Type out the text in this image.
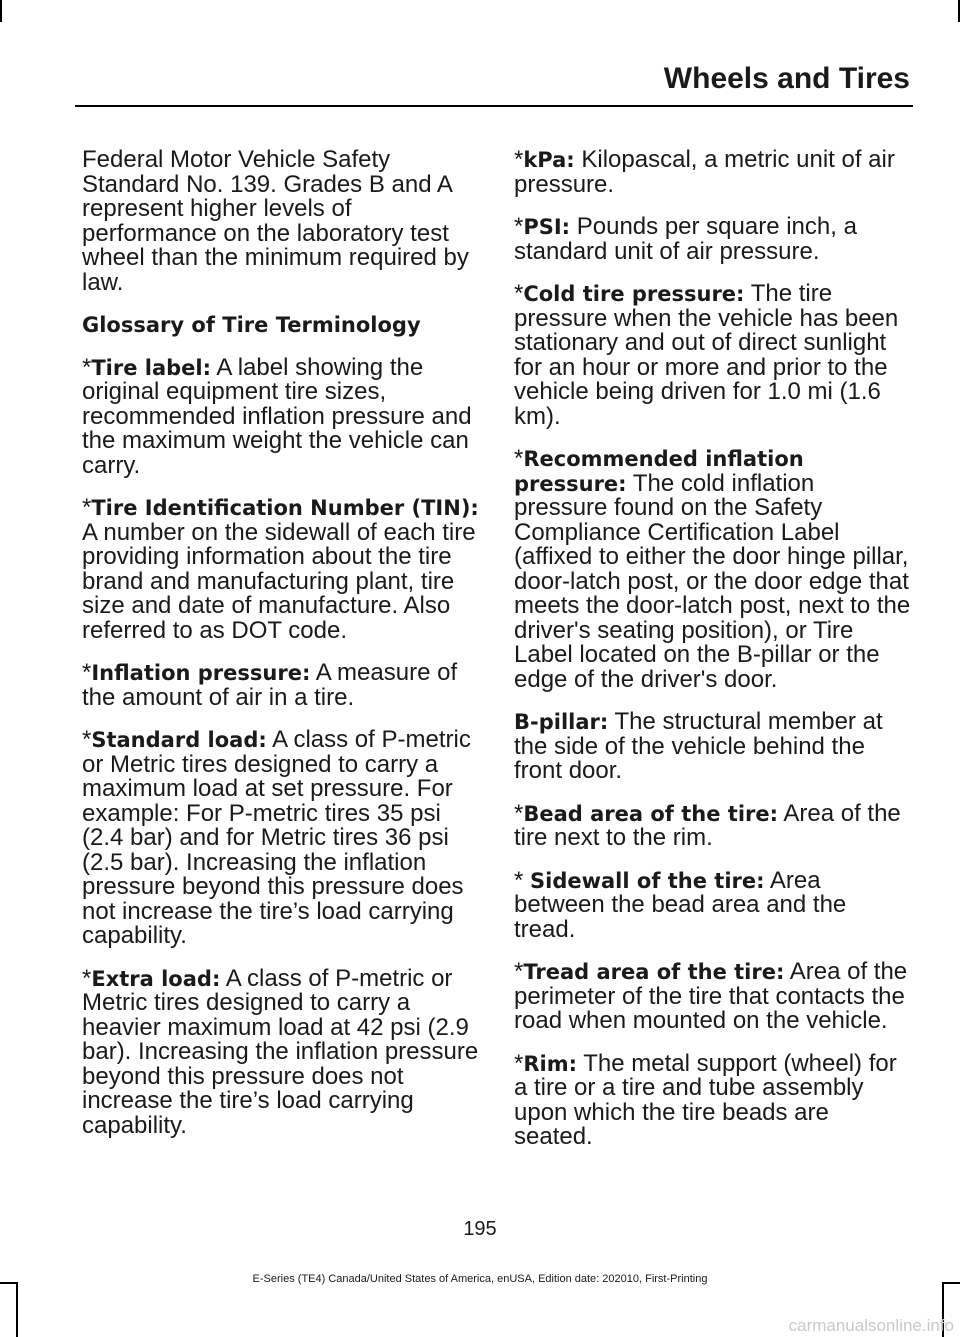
Wheels and Tires

Federal Motor Vehicle Safety Standard No. 139. Grades B and A represent higher levels of performance on the laboratory test wheel than the minimum required by law.

Glossary of Tire Terminology

*Tire label: A label showing the original equipment tire sizes, recommended inflation pressure and the maximum weight the vehicle can carry.

*Tire Identification Number (TIN): A number on the sidewall of each tire providing information about the tire brand and manufacturing plant, tire size and date of manufacture. Also referred to as DOT code.

*Inflation pressure: A measure of the amount of air in a tire.

*Standard load: A class of P-metric or Metric tires designed to carry a maximum load at set pressure. For example: For P-metric tires 35 psi (2.4 bar) and for Metric tires 36 psi (2.5 bar). Increasing the inflation pressure beyond this pressure does not increase the tire’s load carrying capability.

*Extra load: A class of P-metric or Metric tires designed to carry a heavier maximum load at 42 psi (2.9 bar). Increasing the inflation pressure beyond this pressure does not increase the tire’s load carrying capability.

*kPa: Kilopascal, a metric unit of air pressure.

*PSI: Pounds per square inch, a standard unit of air pressure.

*Cold tire pressure: The tire pressure when the vehicle has been stationary and out of direct sunlight for an hour or more and prior to the vehicle being driven for 1.0 mi (1.6 km).

*Recommended inflation pressure: The cold inflation pressure found on the Safety Compliance Certification Label (affixed to either the door hinge pillar, door-latch post, or the door edge that meets the door-latch post, next to the driver's seating position), or Tire Label located on the B-pillar or the edge of the driver's door.

B-pillar: The structural member at the side of the vehicle behind the front door.

*Bead area of the tire: Area of the tire next to the rim.

* Sidewall of the tire: Area between the bead area and the tread.

*Tread area of the tire: Area of the perimeter of the tire that contacts the road when mounted on the vehicle.

*Rim: The metal support (wheel) for a tire or a tire and tube assembly upon which the tire beads are seated.

195
E-Series (TE4) Canada/United States of America, enUSA, Edition date: 202010, First-Printing
carmanualsonline.info
